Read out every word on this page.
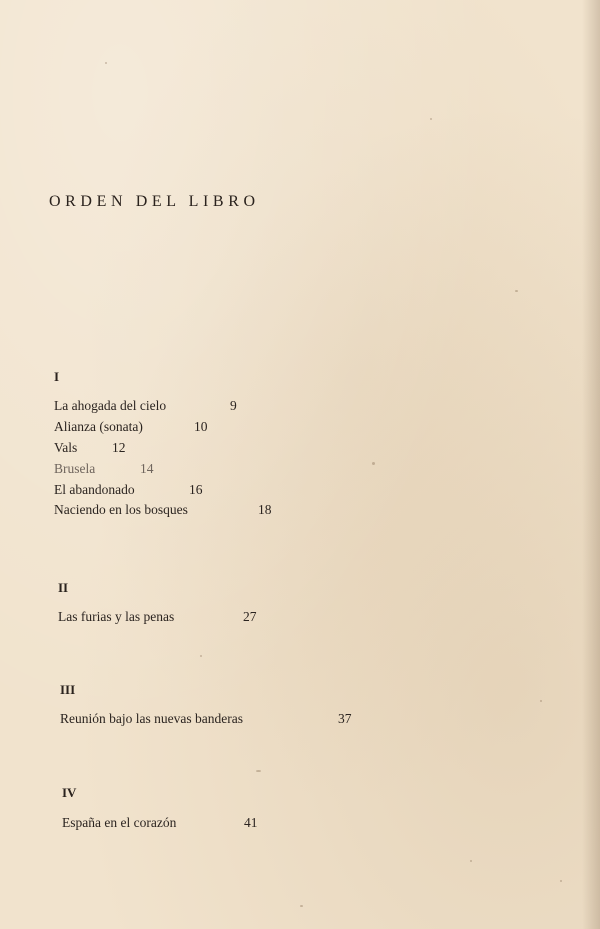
ORDEN DEL LIBRO
I
La ahogada del cielo	9
Alianza (sonata)	10
Vals	12
Brusela	14
El abandonado	16
Naciendo en los bosques	18
II
Las furias y las penas	27
III
Reunión bajo las nuevas banderas	37
IV
España en el corazón	41
